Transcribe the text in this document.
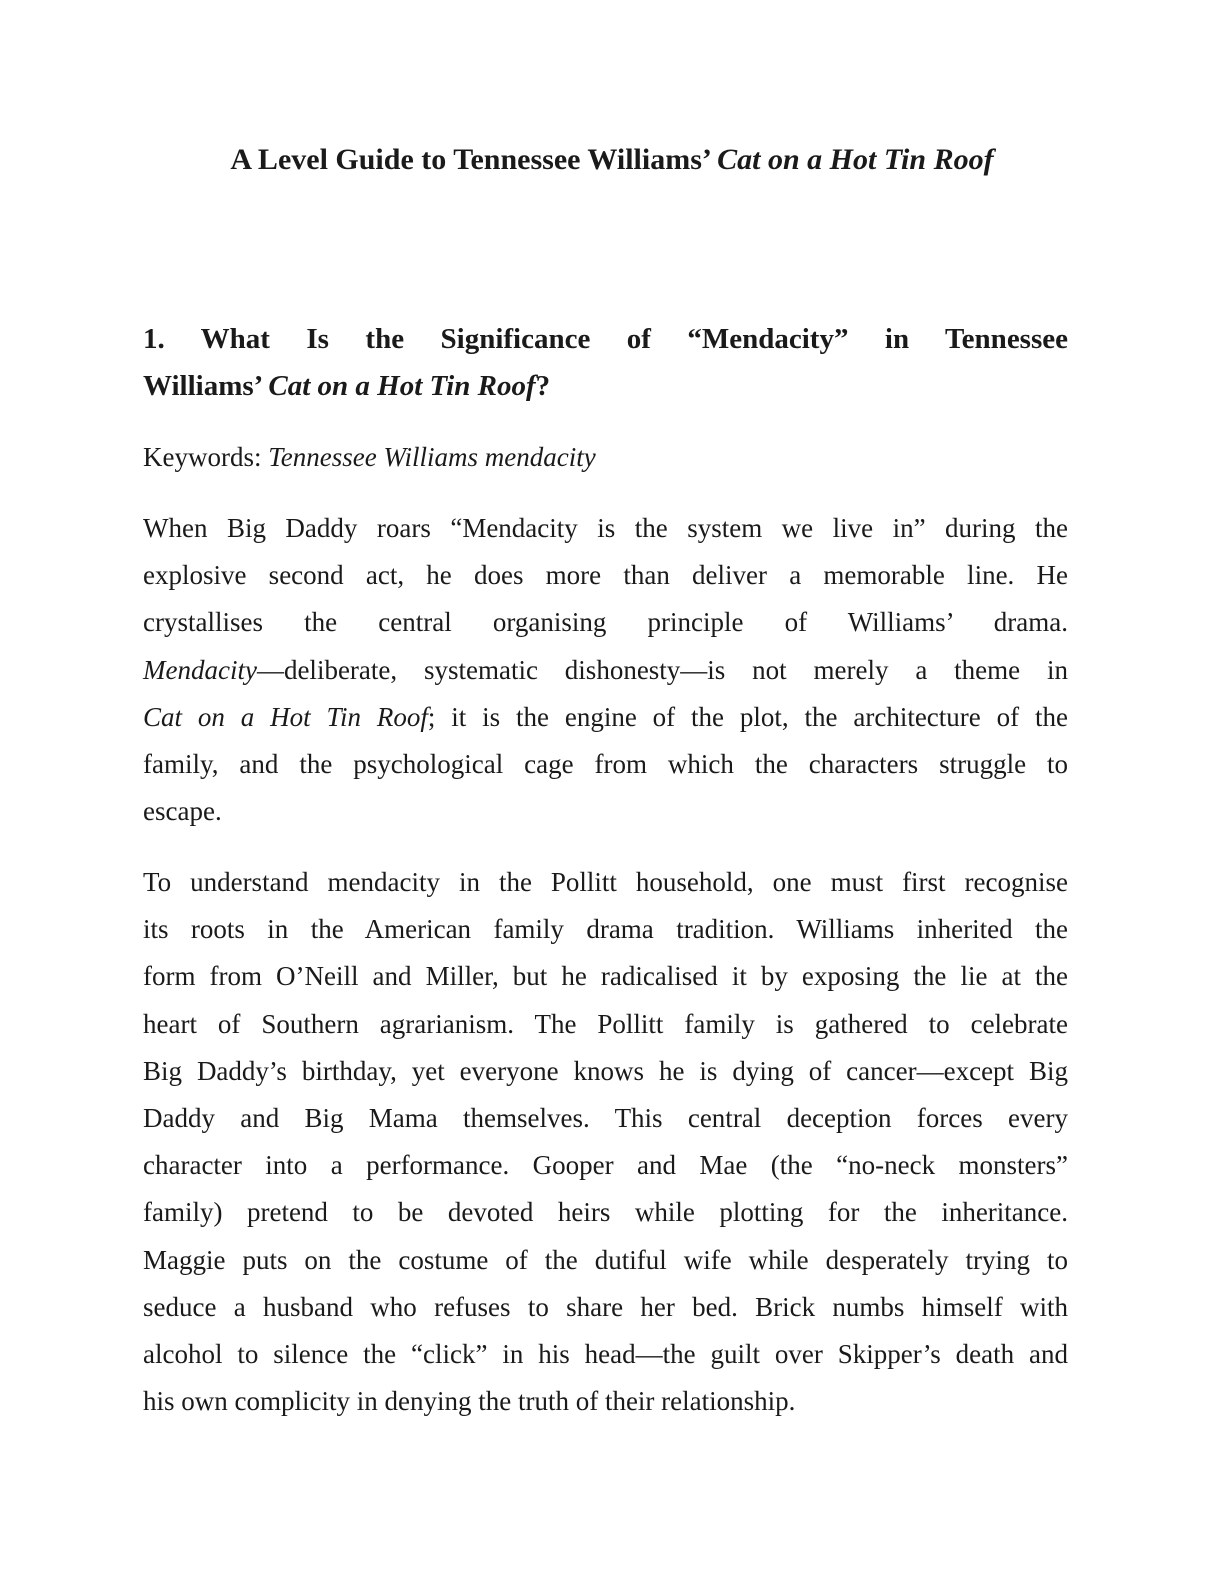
A Level Guide to Tennessee Williams’ Cat on a Hot Tin Roof
1. What Is the Significance of “Mendacity” in Tennessee
Williams’ Cat on a Hot Tin Roof?
Keywords: Tennessee Williams mendacity
When Big Daddy roars “Mendacity is the system we live in” during the
explosive second act, he does more than deliver a memorable line. He
crystallises the central organising principle of Williams’ drama.
Mendacity—deliberate, systematic dishonesty—is not merely a theme in
Cat on a Hot Tin Roof; it is the engine of the plot, the architecture of the
family, and the psychological cage from which the characters struggle to
escape.
To understand mendacity in the Pollitt household, one must first recognise
its roots in the American family drama tradition. Williams inherited the
form from O’Neill and Miller, but he radicalised it by exposing the lie at the
heart of Southern agrarianism. The Pollitt family is gathered to celebrate
Big Daddy’s birthday, yet everyone knows he is dying of cancer—except Big
Daddy and Big Mama themselves. This central deception forces every
character into a performance. Gooper and Mae (the “no-neck monsters”
family) pretend to be devoted heirs while plotting for the inheritance.
Maggie puts on the costume of the dutiful wife while desperately trying to
seduce a husband who refuses to share her bed. Brick numbs himself with
alcohol to silence the “click” in his head—the guilt over Skipper’s death and
his own complicity in denying the truth of their relationship.
